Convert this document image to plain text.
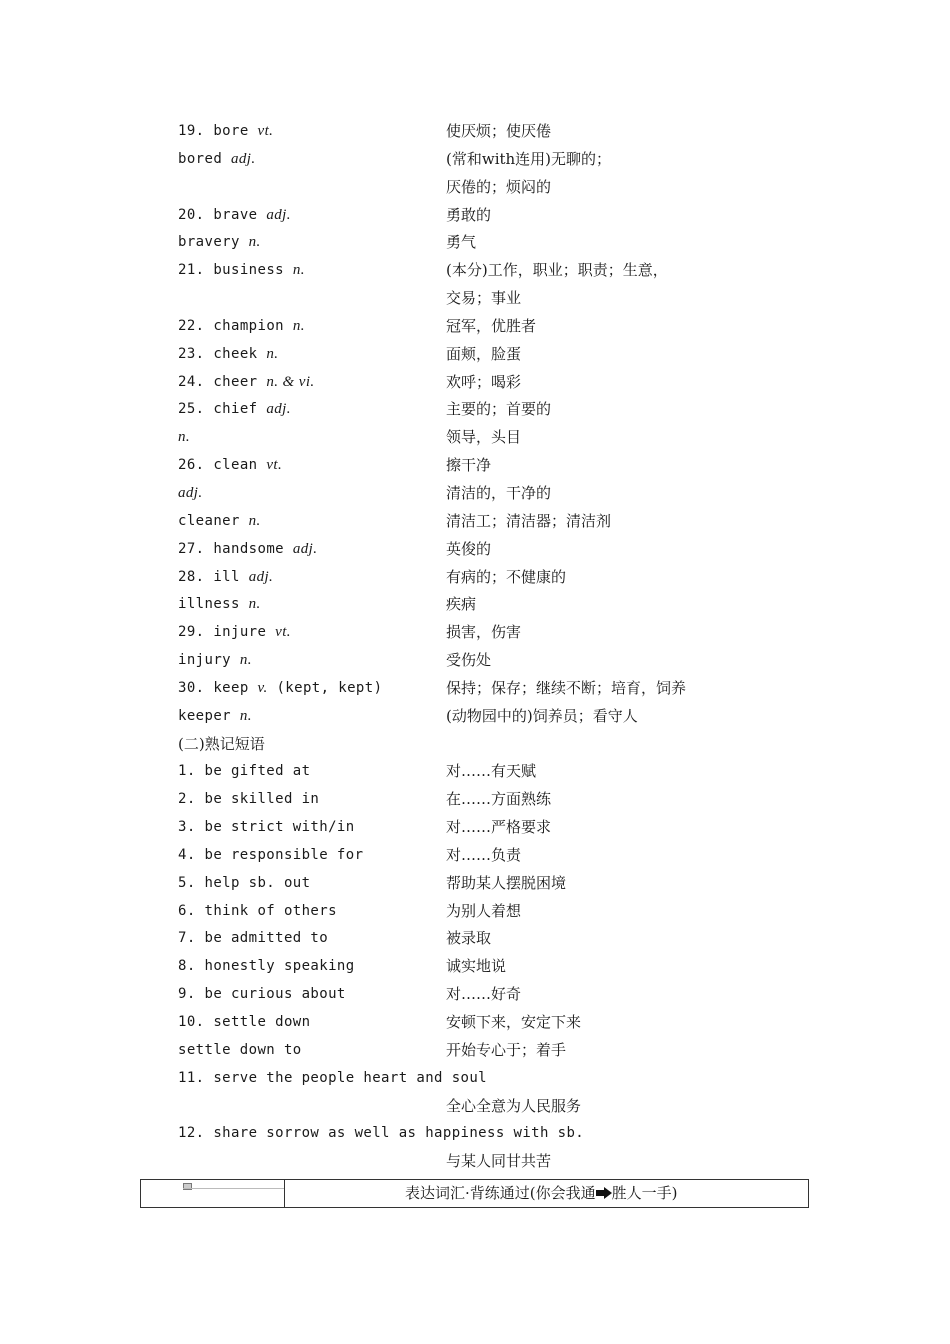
19. bore vt.	使厌烦；使厌倦
bored adj.	(常和with连用)无聊的；
厌倦的；烦闷的
20. brave adj.	勇敢的
bravery n.	勇气
21. business n.	(本分)工作，职业；职责；生意，
交易；事业
22. champion n.	冠军，优胜者
23. cheek n.	面颊，脸蛋
24. cheer n. & vi.	欢呼；喝彩
25. chief adj.	主要的；首要的
n.	领导，头目
26. clean vt.	擦干净
adj.	清洁的，干净的
cleaner n.	清洁工；清洁器；清洁剂
27. handsome adj.	英俊的
28. ill adj.	有病的；不健康的
illness n.	疾病
29. injure vt.	损害，伤害
injury n.	受伤处
30. keep v. (kept, kept)	保持；保存；继续不断；培育，饲养
keeper n.	(动物园中的)饲养员；看守人
(二)熟记短语
1. be gifted at	对……有天赋
2. be skilled in	在……方面熟练
3. be strict with/in	对……严格要求
4. be responsible for	对……负责
5. help sb. out	帮助某人摆脱困境
6. think of others	为别人着想
7. be admitted to	被录取
8. honestly speaking	诚实地说
9. be curious about	对……好奇
10. settle down	安顿下来，安定下来
settle down to	开始专心于；着手
11. serve the people heart and soul
全心全意为人民服务
12. share sorrow as well as happiness with sb.
与某人同甘共苦
表达词汇·背练通过(你会我通 胜人一手)
